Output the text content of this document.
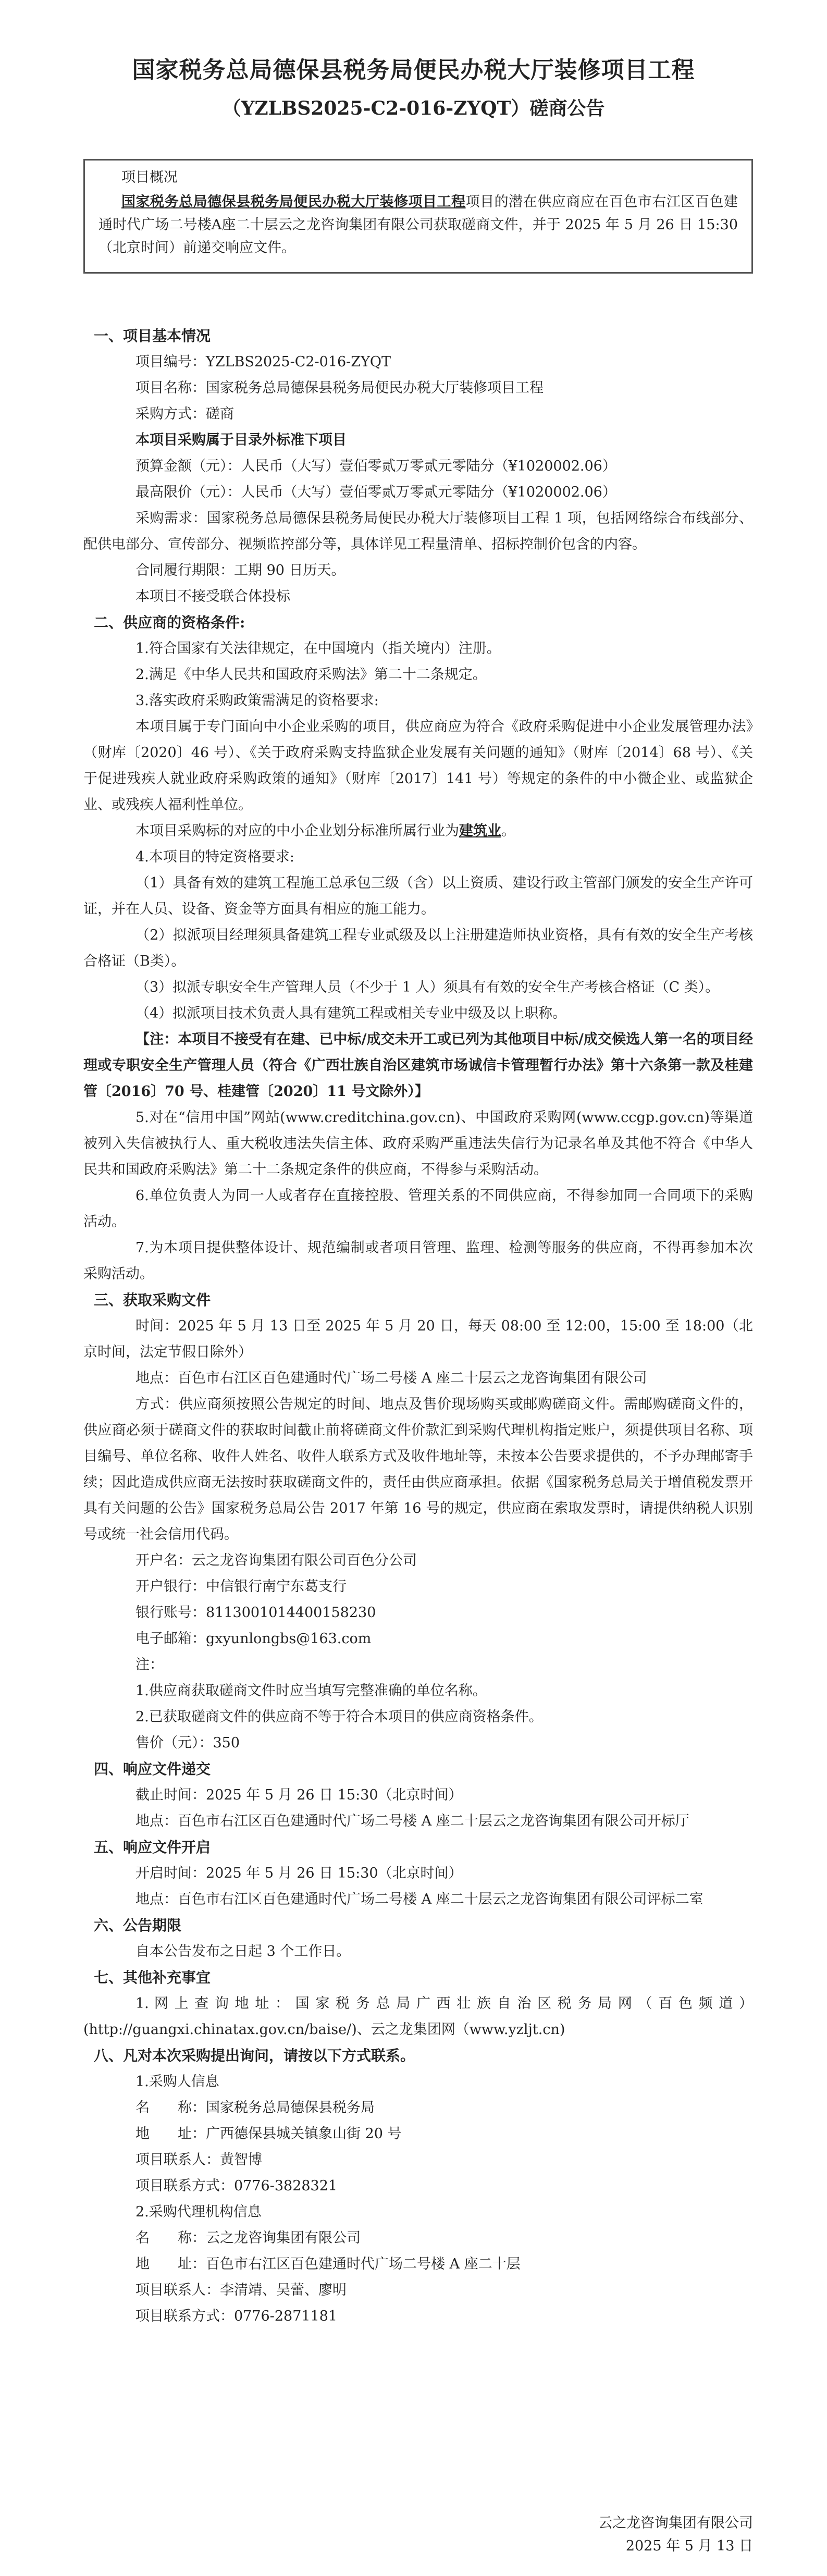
国家税务总局德保县税务局便民办税大厅装修项目工程
（YZLBS2025-C2-016-ZYQT）磋商公告
项目概况

国家税务总局德保县税务局便民办税大厅装修项目工程项目的潜在供应商应在百色市右江区百色建通时代广场二号楼A座二十层云之龙咨询集团有限公司获取磋商文件，并于 2025 年 5 月 26 日 15:30（北京时间）前递交响应文件。

一、项目基本情况
项目编号：YZLBS2025-C2-016-ZYQT
项目名称：国家税务总局德保县税务局便民办税大厅装修项目工程
采购方式：磋商
本项目采购属于目录外标准下项目
预算金额（元）：人民币（大写）壹佰零贰万零贰元零陆分（¥1020002.06）
最高限价（元）：人民币（大写）壹佰零贰万零贰元零陆分（¥1020002.06）
采购需求：国家税务总局德保县税务局便民办税大厅装修项目工程 1 项，包括网络综合布线部分、配供电部分、宣传部分、视频监控部分等，具体详见工程量清单、招标控制价包含的内容。
合同履行期限：工期 90 日历天。
本项目不接受联合体投标
二、供应商的资格条件:
1.符合国家有关法律规定，在中国境内（指关境内）注册。
2.满足《中华人民共和国政府采购法》第二十二条规定。
3.落实政府采购政策需满足的资格要求:
本项目属于专门面向中小企业采购的项目，供应商应为符合《政府采购促进中小企业发展管理办法》（财库〔2020〕46 号）、《关于政府采购支持监狱企业发展有关问题的通知》（财库〔2014〕68 号）、《关于促进残疾人就业政府采购政策的通知》（财库〔2017〕141 号）等规定的条件的中小微企业、或监狱企业、或残疾人福利性单位。
本项目采购标的对应的中小企业划分标准所属行业为建筑业。
4.本项目的特定资格要求:
（1）具备有效的建筑工程施工总承包三级（含）以上资质、建设行政主管部门颁发的安全生产许可证，并在人员、设备、资金等方面具有相应的施工能力。
（2）拟派项目经理须具备建筑工程专业贰级及以上注册建造师执业资格，具有有效的安全生产考核合格证（B类）。
（3）拟派专职安全生产管理人员（不少于 1 人）须具有有效的安全生产考核合格证（C 类）。
（4）拟派项目技术负责人具有建筑工程或相关专业中级及以上职称。
【注：本项目不接受有在建、已中标/成交未开工或已列为其他项目中标/成交候选人第一名的项目经理或专职安全生产管理人员（符合《广西壮族自治区建筑市场诚信卡管理暂行办法》第十六条第一款及桂建管〔2016〕70 号、桂建管〔2020〕11 号文除外）】
5.对在“信用中国”网站(www.creditchina.gov.cn)、中国政府采购网(www.ccgp.gov.cn)等渠道被列入失信被执行人、重大税收违法失信主体、政府采购严重违法失信行为记录名单及其他不符合《中华人民共和国政府采购法》第二十二条规定条件的供应商，不得参与采购活动。
6.单位负责人为同一人或者存在直接控股、管理关系的不同供应商，不得参加同一合同项下的采购活动。
7.为本项目提供整体设计、规范编制或者项目管理、监理、检测等服务的供应商，不得再参加本次采购活动。
三、获取采购文件
时间：2025 年 5 月 13 日至 2025 年 5 月 20 日，每天 08:00 至 12:00，15:00 至 18:00（北京时间，法定节假日除外）
地点：百色市右江区百色建通时代广场二号楼 A 座二十层云之龙咨询集团有限公司
方式：供应商须按照公告规定的时间、地点及售价现场购买或邮购磋商文件。需邮购磋商文件的，供应商必须于磋商文件的获取时间截止前将磋商文件价款汇到采购代理机构指定账户，须提供项目名称、项目编号、单位名称、收件人姓名、收件人联系方式及收件地址等，未按本公告要求提供的，不予办理邮寄手续；因此造成供应商无法按时获取磋商文件的，责任由供应商承担。依据《国家税务总局关于增值税发票开具有关问题的公告》国家税务总局公告 2017 年第 16 号的规定，供应商在索取发票时，请提供纳税人识别号或统一社会信用代码。
开户名：云之龙咨询集团有限公司百色分公司
开户银行：中信银行南宁东葛支行
银行账号：8113001014400158230
电子邮箱：gxyunlongbs@163.com
注：
1.供应商获取磋商文件时应当填写完整准确的单位名称。
2.已获取磋商文件的供应商不等于符合本项目的供应商资格条件。
售价（元）：350
四、响应文件递交
截止时间：2025 年 5 月 26 日 15:30（北京时间）
地点：百色市右江区百色建通时代广场二号楼 A 座二十层云之龙咨询集团有限公司开标厅
五、响应文件开启
开启时间：2025 年 5 月 26 日 15:30（北京时间）
地点：百色市右江区百色建通时代广场二号楼 A 座二十层云之龙咨询集团有限公司评标二室
六、公告期限
自本公告发布之日起 3 个工作日。
七、其他补充事宜
1. 网 上 查 询 地 址 ： 国 家 税 务 总 局 广 西 壮 族 自 治 区 税 务 局 网 （ 百 色 频 道 ）(http://guangxi.chinatax.gov.cn/baise/)、云之龙集团网（www.yzljt.cn)
八、凡对本次采购提出询问，请按以下方式联系。
1.采购人信息
名　　称：国家税务总局德保县税务局
地　　址：广西德保县城关镇象山街 20 号
项目联系人：黄智博
项目联系方式：0776-3828321
2.采购代理机构信息
名　　称：云之龙咨询集团有限公司
地　　址：百色市右江区百色建通时代广场二号楼 A 座二十层
项目联系人：李清靖、吴蕾、廖明
项目联系方式：0776-2871181
云之龙咨询集团有限公司
2025 年 5 月 13 日
